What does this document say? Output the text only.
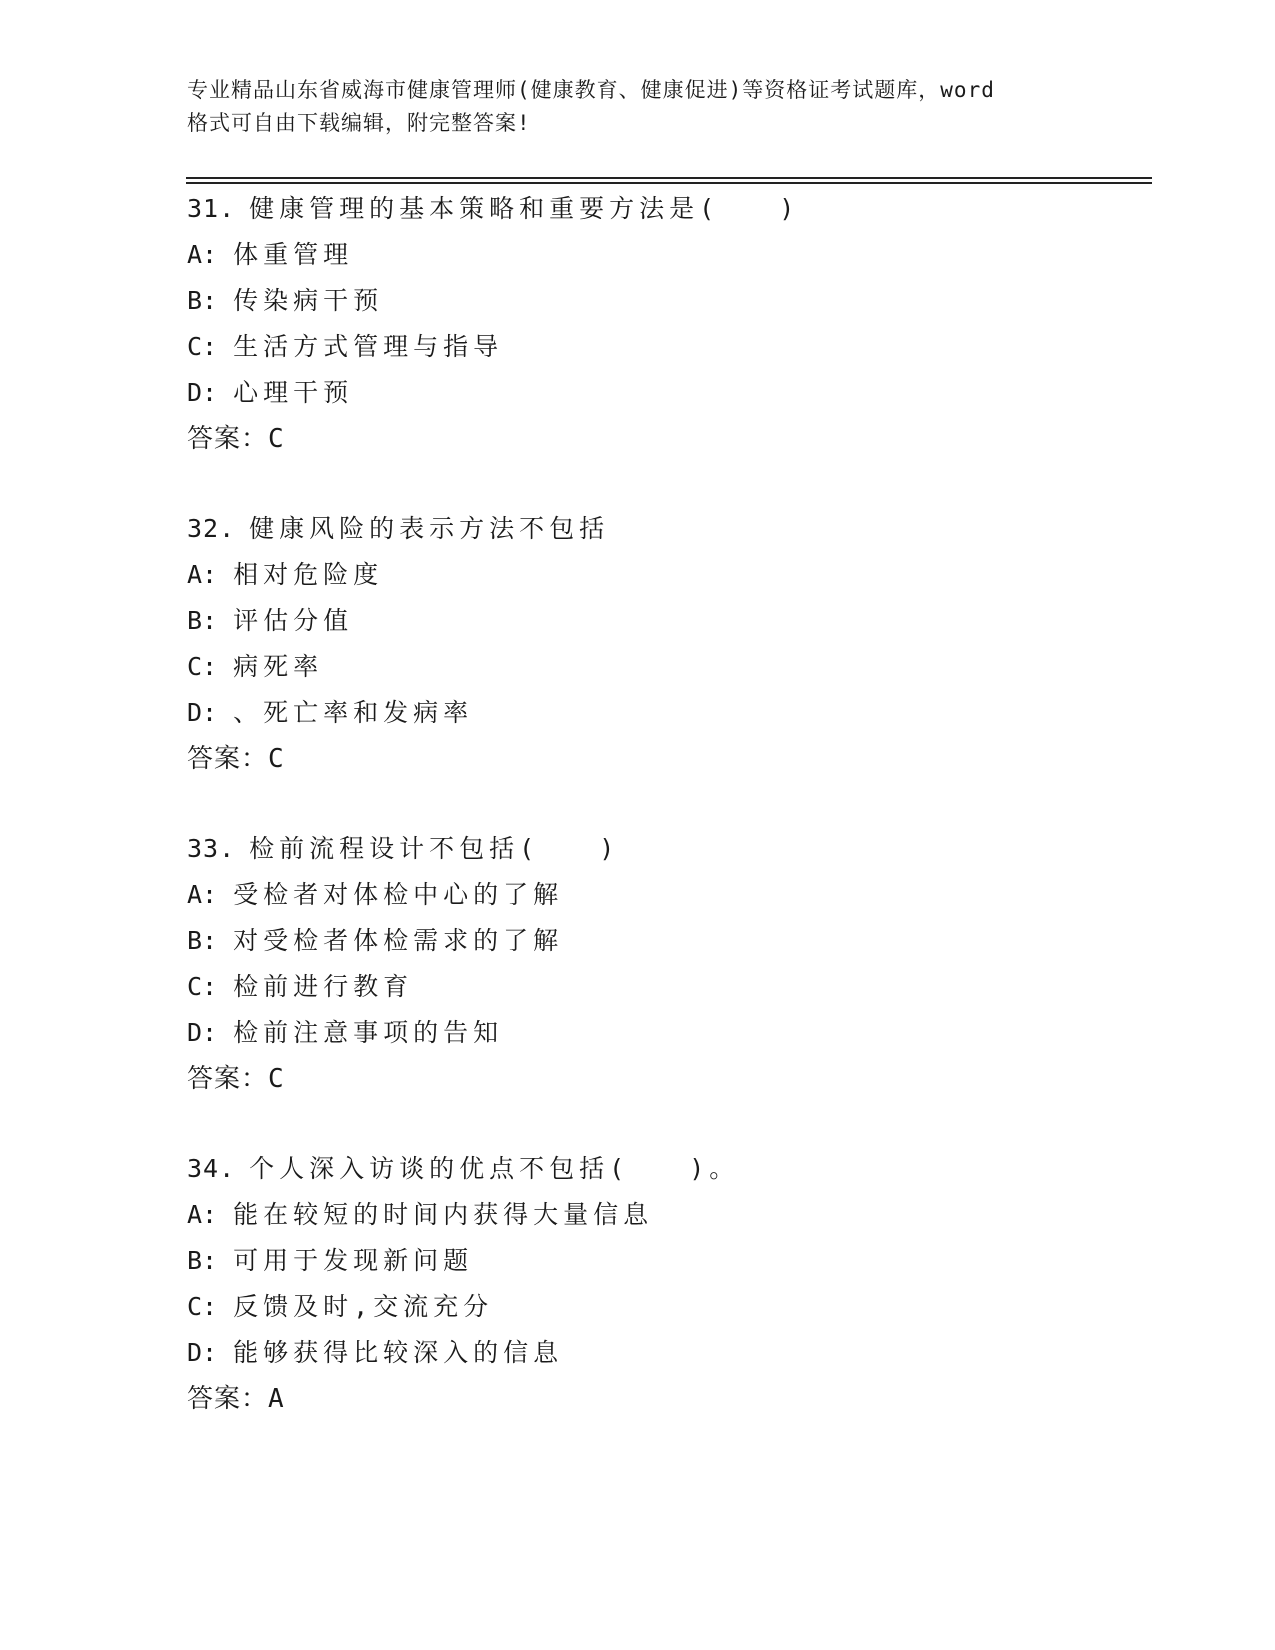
专业精品山东省威海市健康管理师(健康教育、健康促进)等资格证考试题库，word
格式可自由下载编辑，附完整答案!
31. 健康管理的基本策略和重要方法是(　　)
A: 体重管理
B: 传染病干预
C: 生活方式管理与指导
D: 心理干预
答案：C
32. 健康风险的表示方法不包括
A: 相对危险度
B: 评估分值
C: 病死率
D: 、死亡率和发病率
答案：C
33. 检前流程设计不包括(　　)
A: 受检者对体检中心的了解
B: 对受检者体检需求的了解
C: 检前进行教育
D: 检前注意事项的告知
答案：C
34. 个人深入访谈的优点不包括(　　)。
A: 能在较短的时间内获得大量信息
B: 可用于发现新问题
C: 反馈及时,交流充分
D: 能够获得比较深入的信息
答案：A
